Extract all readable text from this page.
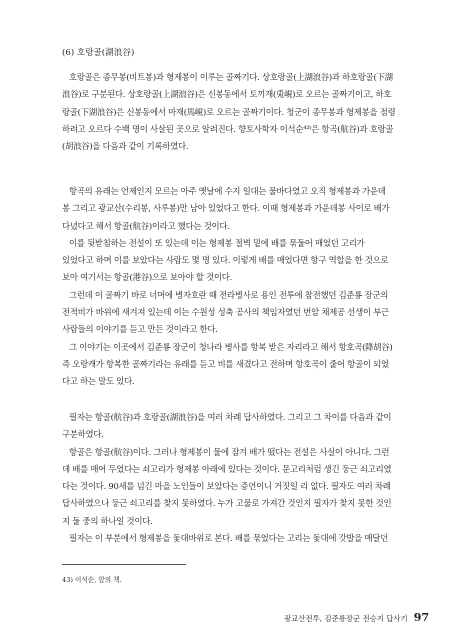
(6) 호랑골(湖浪谷)
호랑골은 종무봉(비트봉)과 형제봉이 이루는 골짜기다. 상호랑골(上湖浪谷)과 하호랑골(下湖
浪谷)로 구분된다. 상호랑골(上湖浪谷)은 신봉동에서 토끼재(兎峴)로 오르는 골짜기이고, 하호
랑골(下湖浪谷)은 신봉동에서 마재(馬峴)로 오르는 골짜기이다. 청군이 종무봉과 형제봉을 점령
하려고 오르다 수백 명이 사살된 곳으로 알려진다. 향토사학자 이석순⁴³⁾은 항곡(航谷)과 호랑골
(胡浪谷)을 다음과 같이 기록하였다.
항곡의 유래는 언제인지 모르는 아주 옛날에 수지 일대는 물바다였고 오직 형제봉과 가운데
봉 그리고 광교산(수리봉, 사루봉)만 남아 있었다고 한다. 이때 형제봉과 가운데봉 사이로 배가
다녔다고 해서 항골(航谷)이라고 했다는 것이다.
이를 뒷받침하는 전설이 또 있는데 이는 형제봉 절벽 밑에 배를 묶둘어 매었던 고리가
있었다고 하며 이를 보았다는 사람도 몇 명 있다. 이렇게 배를 매었다면 항구 역할을 한 것으로
보아 여기서는 항골(港谷)으로 보아야 할 것이다.
그런데 이 골짜기 바로 너머에 병자호란 때 전라병사로 용인 전투에 참전했던 김준룡 장군의
전적비가 바위에 새겨져 있는데 이는 수원성 성축 공사의 책임자였던 번암 채제공 선생이 부근
사람들의 이야기를 듣고 만든 것이라고 한다.
그 이야기는 이곳에서 김준룡 장군이 청나라 병사를 항복 받은 자리라고 해서 항호곡(降胡谷)
즉 오랑캐가 항복한 골짜기라는 유래를 듣고 비를 새겼다고 전하며 항호곡이 줄어 항골이 되었
다고 하는 말도 있다.
필자는 항골(航谷)과 호랑골(湖浪谷)을 여러 차례 답사하였다. 그리고 그 차이를 다음과 같이
구분하였다.
항골은 항골(航谷)이다. 그러나 형제봉이 물에 잠겨 배가 떴다는 전설은 사실이 아니다. 그런
데 배를 매어 두었다는 쇠고리가 형제봉 아래에 있다는 것이다. 문고리처럼 생긴 둥근 쇠고리였
다는 것이다. 90세를 넘긴 마을 노인들이 보았다는 증언이니 거짓일 리 없다. 필자도 여러 차례
답사하였으나 둥근 쇠고리를 찾지 못하였다. 누가 고물로 가져간 것인지 필자가 찾지 못한 것인
지 둘 중의 하나일 것이다.
필자는 이 부분에서 형제봉을 돛대바위로 본다. 배를 묶었다는 고리는 돛대에 갓발을 매달던
43) 이석순, 앞의 책.
광교산전투, 김준룡장군 전승지 답사기 97
